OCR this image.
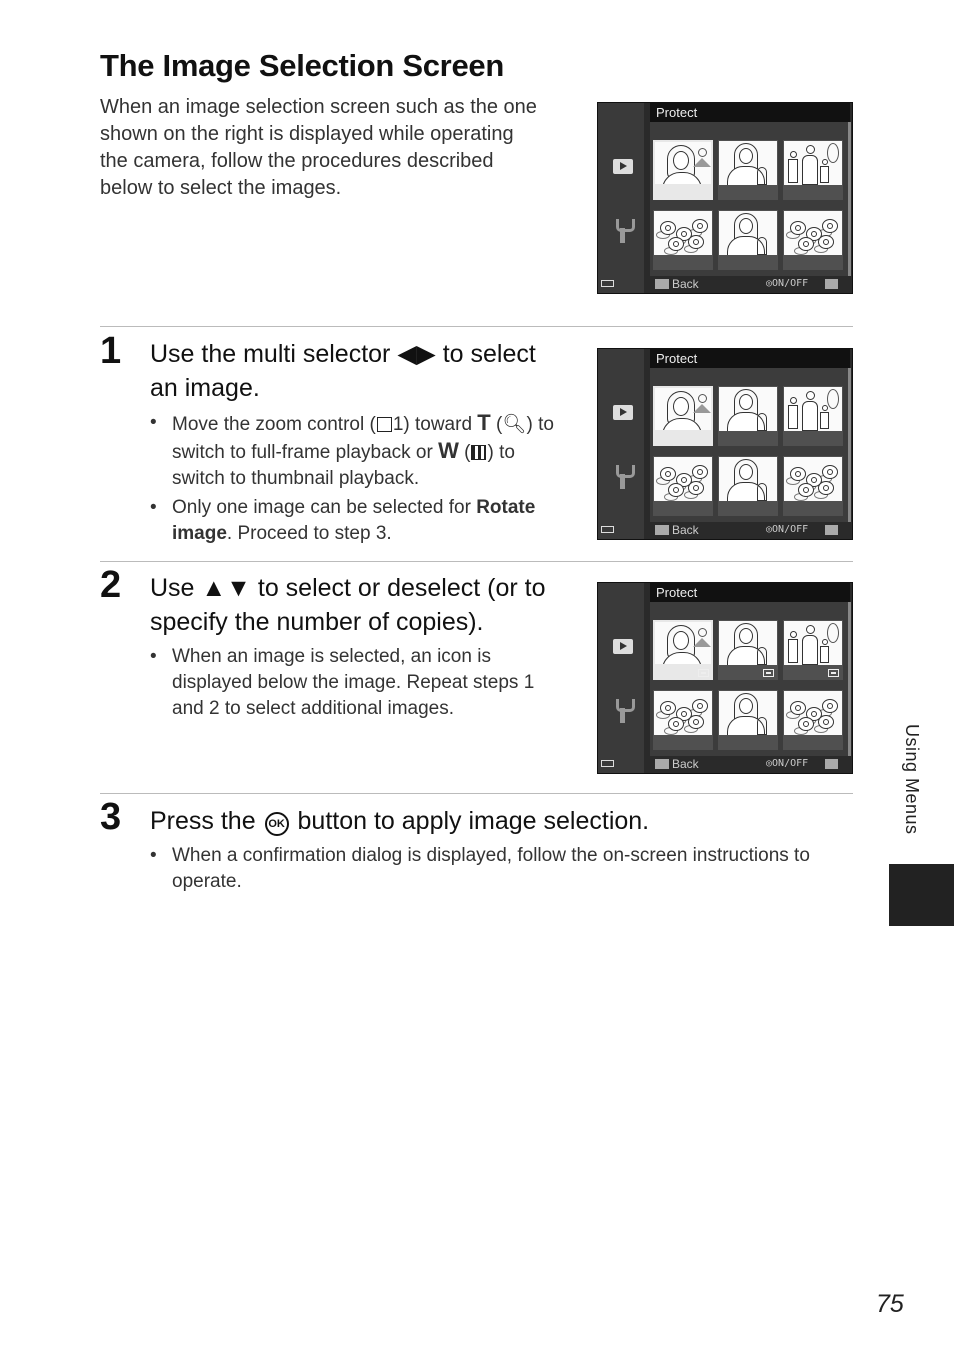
The Image Selection Screen
When an image selection screen such as the one shown on the right is displayed while operating the camera, follow the procedures described below to select the images.
Protect
Back	◎ON/OFF
1 Use the multi selector ◀▶ to select an image.
• Move the zoom control ( 1) toward T (🔍︎) to switch to full-frame playback or W ( ) to switch to thumbnail playback.
• Only one image can be selected for Rotate image. Proceed to step 3.
Protect
Back	◎ON/OFF
2 Use ▲▼ to select or deselect (or to specify the number of copies).
• When an image is selected, an icon is displayed below the image. Repeat steps 1 and 2 to select additional images.
Protect
Back	◎ON/OFF
3 Press the OK button to apply image selection.
• When a confirmation dialog is displayed, follow the on-screen instructions to operate.
Using Menus
75
